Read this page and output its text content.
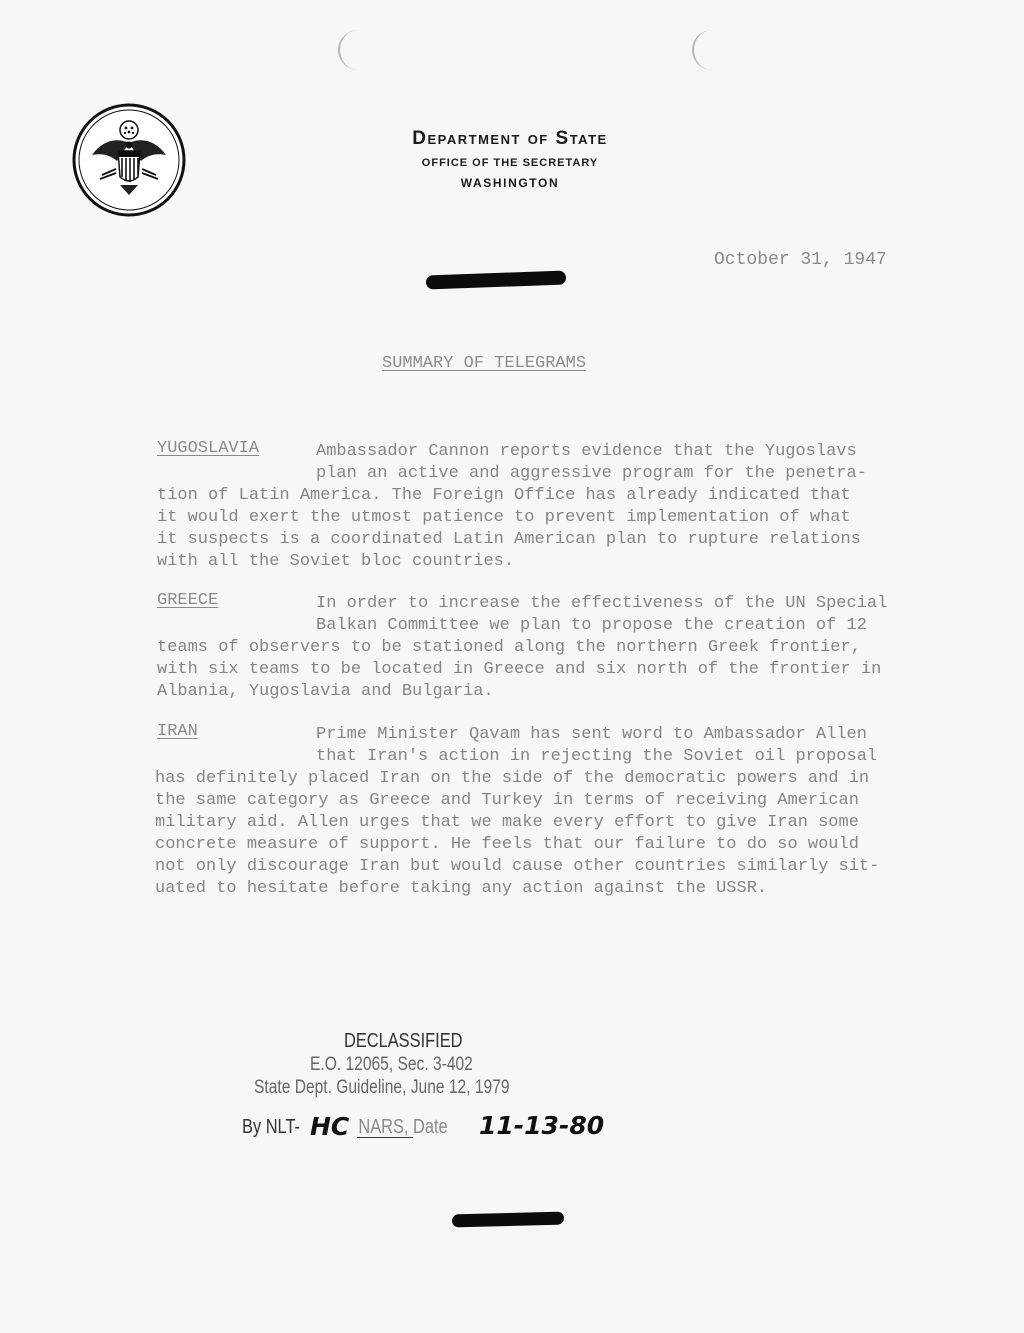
Department of State
OFFICE OF THE SECRETARY
WASHINGTON
October 31, 1947
SUMMARY OF TELEGRAMS
YUGOSLAVIA	Ambassador Cannon reports evidence that the Yugoslavs
plan an active and aggressive program for the penetra-
tion of Latin America. The Foreign Office has already indicated that
it would exert the utmost patience to prevent implementation of what
it suspects is a coordinated Latin American plan to rupture relations
with all the Soviet bloc countries.
GREECE	In order to increase the effectiveness of the UN Special
Balkan Committee we plan to propose the creation of 12
teams of observers to be stationed along the northern Greek frontier,
with six teams to be located in Greece and six north of the frontier in
Albania, Yugoslavia and Bulgaria.
IRAN	Prime Minister Qavam has sent word to Ambassador Allen
that Iran's action in rejecting the Soviet oil proposal
has definitely placed Iran on the side of the democratic powers and in
the same category as Greece and Turkey in terms of receiving American
military aid. Allen urges that we make every effort to give Iran some
concrete measure of support. He feels that our failure to do so would
not only discourage Iran but would cause other countries similarly sit-
uated to hesitate before taking any action against the USSR.
DECLASSIFIED
E.O. 12065, Sec. 3-402
State Dept. Guideline, June 12, 1979
By NLT-	NARS, Date
HC	11-13-80
